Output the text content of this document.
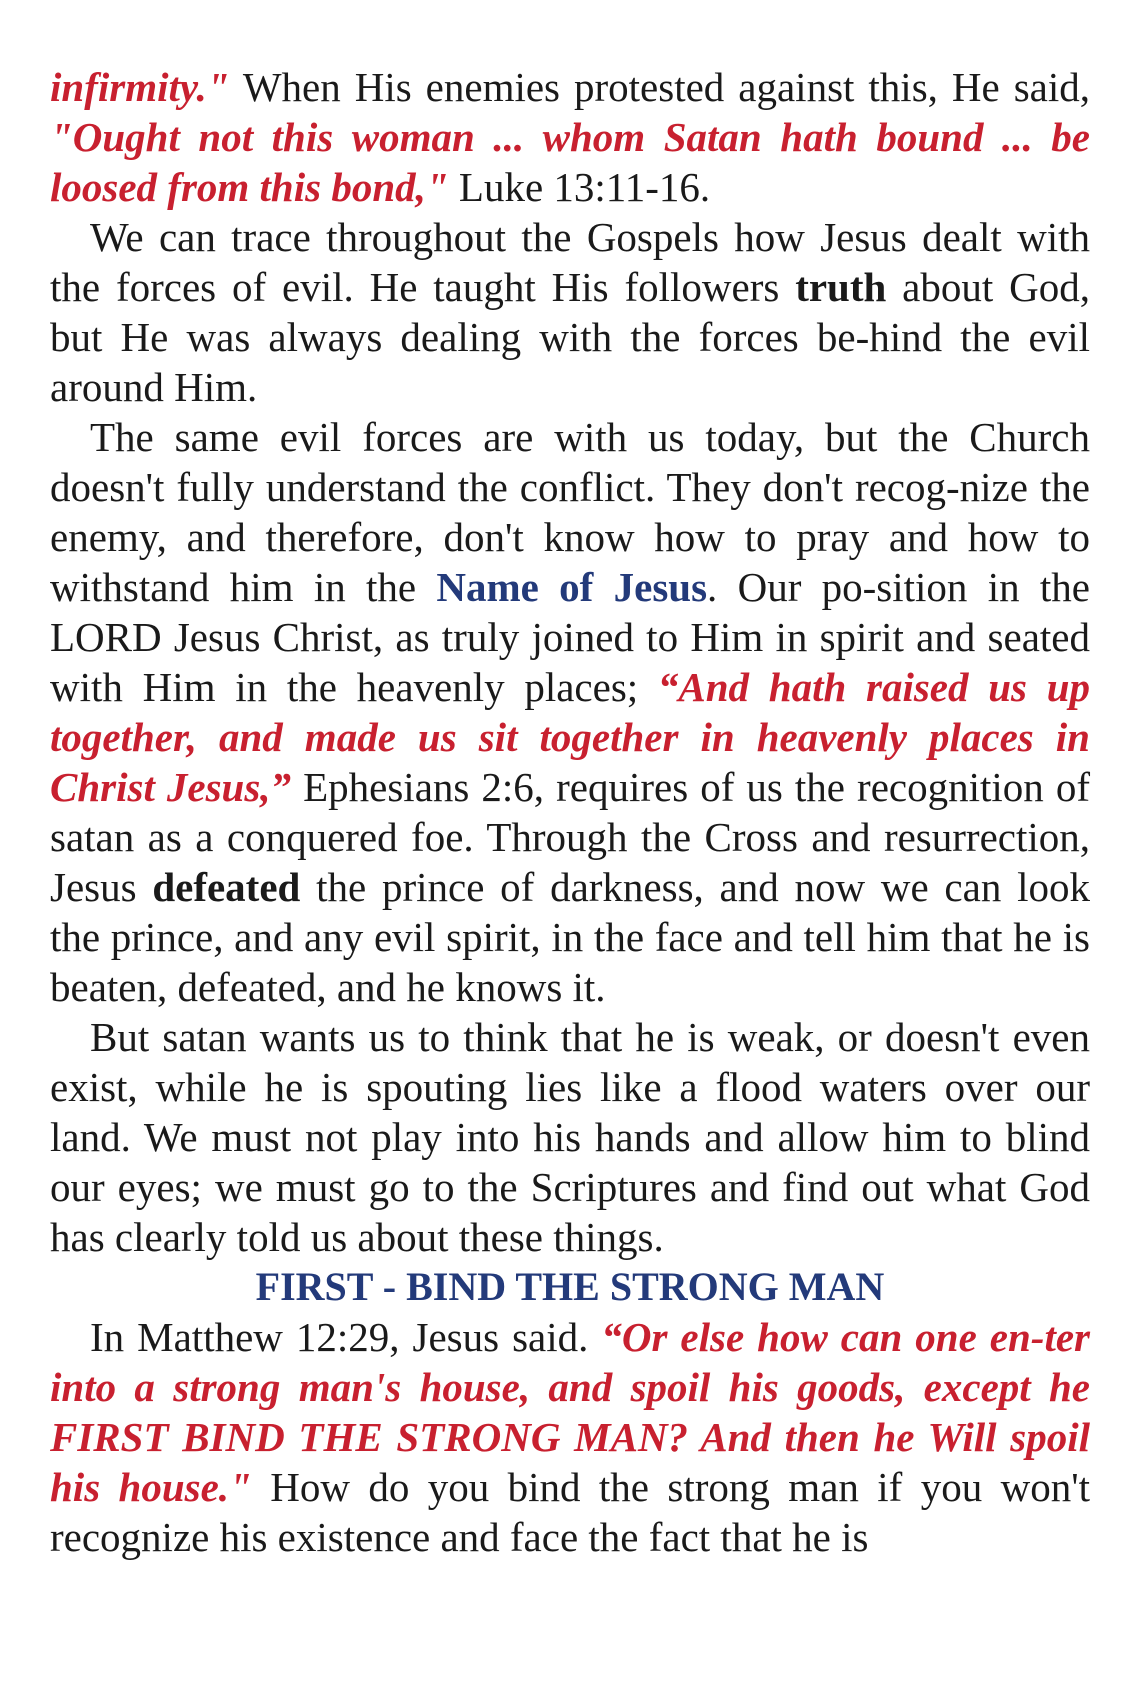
infirmity." When His enemies protested against this, He said, "Ought not this woman ... whom Satan hath bound ... be loosed from this bond," Luke 13:11-16.

We can trace throughout the Gospels how Jesus dealt with the forces of evil. He taught His followers truth about God, but He was always dealing with the forces be-hind the evil around Him.

The same evil forces are with us today, but the Church doesn't fully understand the conflict. They don't recog-nize the enemy, and therefore, don't know how to pray and how to withstand him in the Name of Jesus. Our po-sition in the LORD Jesus Christ, as truly joined to Him in spirit and seated with Him in the heavenly places; “And hath raised us up together, and made us sit together in heavenly places in Christ Jesus,” Ephesians 2:6, requires of us the recognition of satan as a conquered foe. Through the Cross and resurrection, Jesus defeated the prince of darkness, and now we can look the prince, and any evil spirit, in the face and tell him that he is beaten, defeated, and he knows it.

But satan wants us to think that he is weak, or doesn't even exist, while he is spouting lies like a flood waters over our land. We must not play into his hands and allow him to blind our eyes; we must go to the Scriptures and find out what God has clearly told us about these things.

FIRST - BIND THE STRONG MAN

In Matthew 12:29, Jesus said. “Or else how can one en-ter into a strong man's house, and spoil his goods, except he FIRST BIND THE STRONG MAN? And then he Will spoil his house." How do you bind the strong man if you won't recognize his existence and face the fact that he is
